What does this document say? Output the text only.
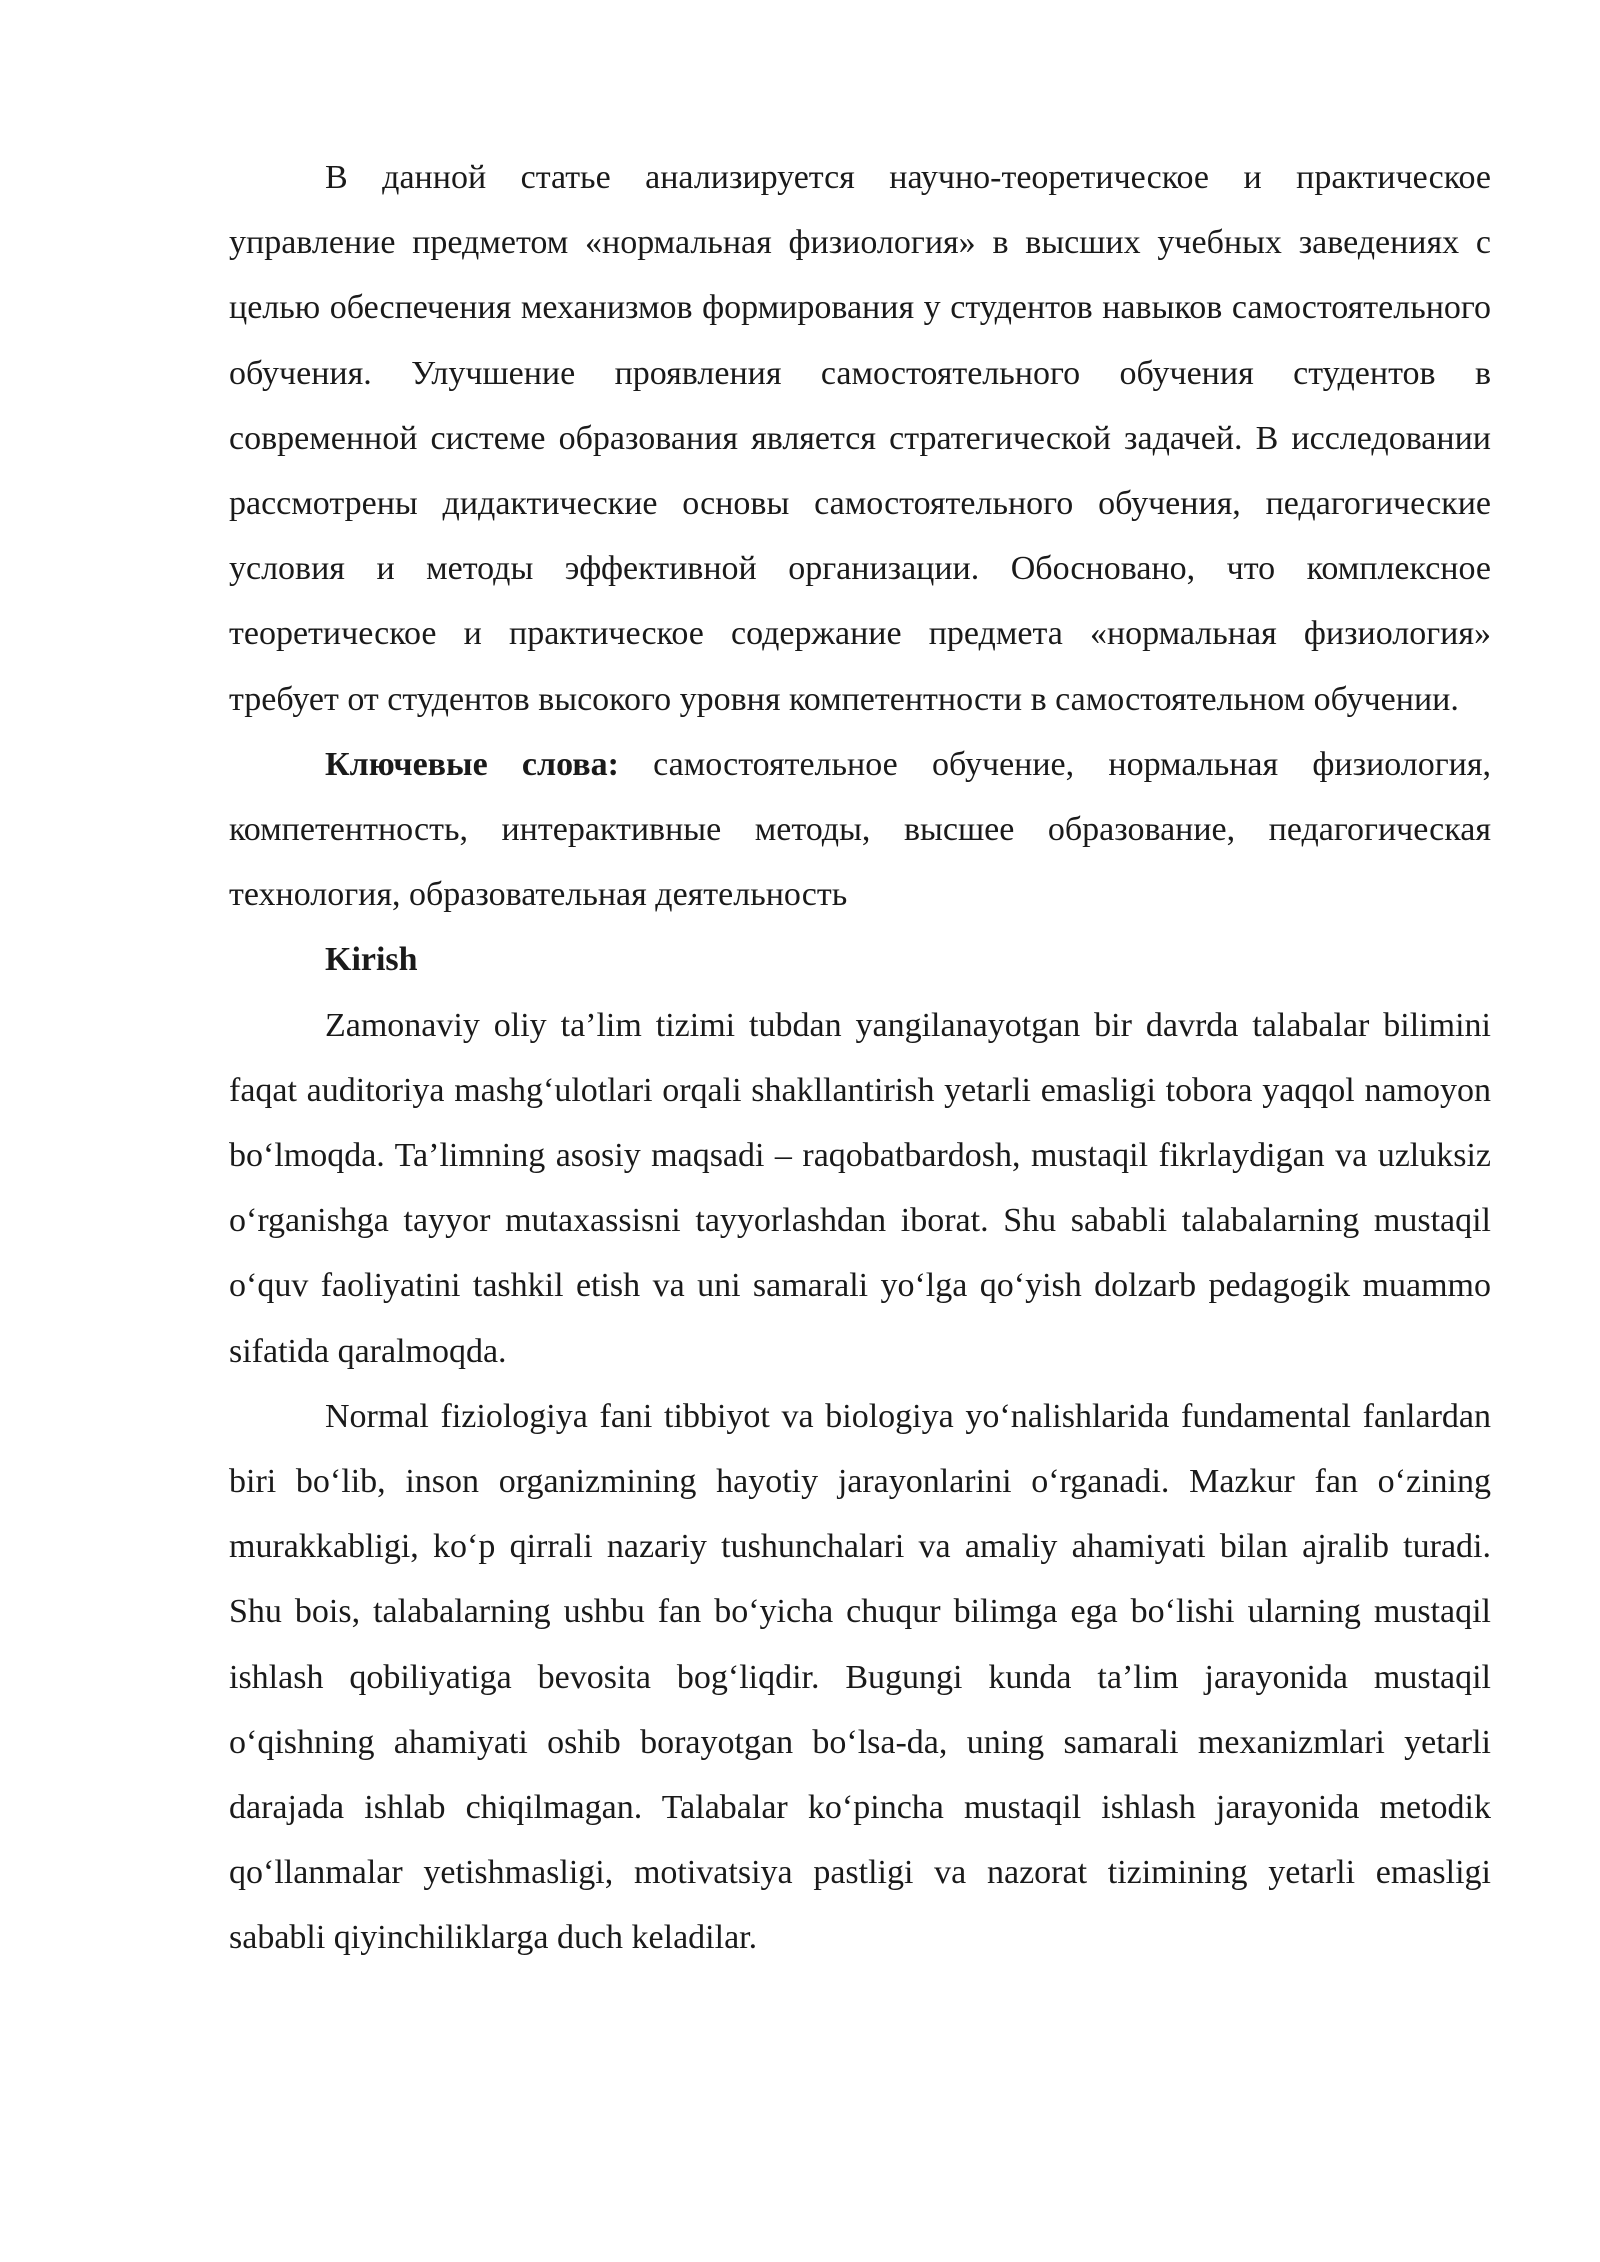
В данной статье анализируется научно-теоретическое и практическое управление предметом «нормальная физиология» в высших учебных заведениях с целью обеспечения механизмов формирования у студентов навыков самостоятельного обучения. Улучшение проявления самостоятельного обучения студентов в современной системе образования является стратегической задачей. В исследовании рассмотрены дидактические основы самостоятельного обучения, педагогические условия и методы эффективной организации. Обосновано, что комплексное теоретическое и практическое содержание предмета «нормальная физиология» требует от студентов высокого уровня компетентности в самостоятельном обучении.

Ключевые слова: самостоятельное обучение, нормальная физиология, компетентность, интерактивные методы, высшее образование, педагогическая технология, образовательная деятельность

Kirish

Zamonaviy oliy ta’lim tizimi tubdan yangilanayotgan bir davrda talabalar bilimini faqat auditoriya mashg‘ulotlari orqali shakllantirish yetarli emasligi tobora yaqqol namoyon bo‘lmoqda. Ta’limning asosiy maqsadi – raqobatbardosh, mustaqil fikrlaydigan va uzluksiz o‘rganishga tayyor mutaxassisni tayyorlashdan iborat. Shu sababli talabalarning mustaqil o‘quv faoliyatini tashkil etish va uni samarali yo‘lga qo‘yish dolzarb pedagogik muammo sifatida qaralmoqda.

Normal fiziologiya fani tibbiyot va biologiya yo‘nalishlarida fundamental fanlardan biri bo‘lib, inson organizmining hayotiy jarayonlarini o‘rganadi. Mazkur fan o‘zining murakkabligi, ko‘p qirrali nazariy tushunchalari va amaliy ahamiyati bilan ajralib turadi. Shu bois, talabalarning ushbu fan bo‘yicha chuqur bilimga ega bo‘lishi ularning mustaqil ishlash qobiliyatiga bevosita bog‘liqdir. Bugungi kunda ta’lim jarayonida mustaqil o‘qishning ahamiyati oshib borayotgan bo‘lsa-da, uning samarali mexanizmlari yetarli darajada ishlab chiqilmagan. Talabalar ko‘pincha mustaqil ishlash jarayonida metodik qo‘llanmalar yetishmasligi, motivatsiya pastligi va nazorat tizimining yetarli emasligi sababli qiyinchiliklarga duch keladilar.
